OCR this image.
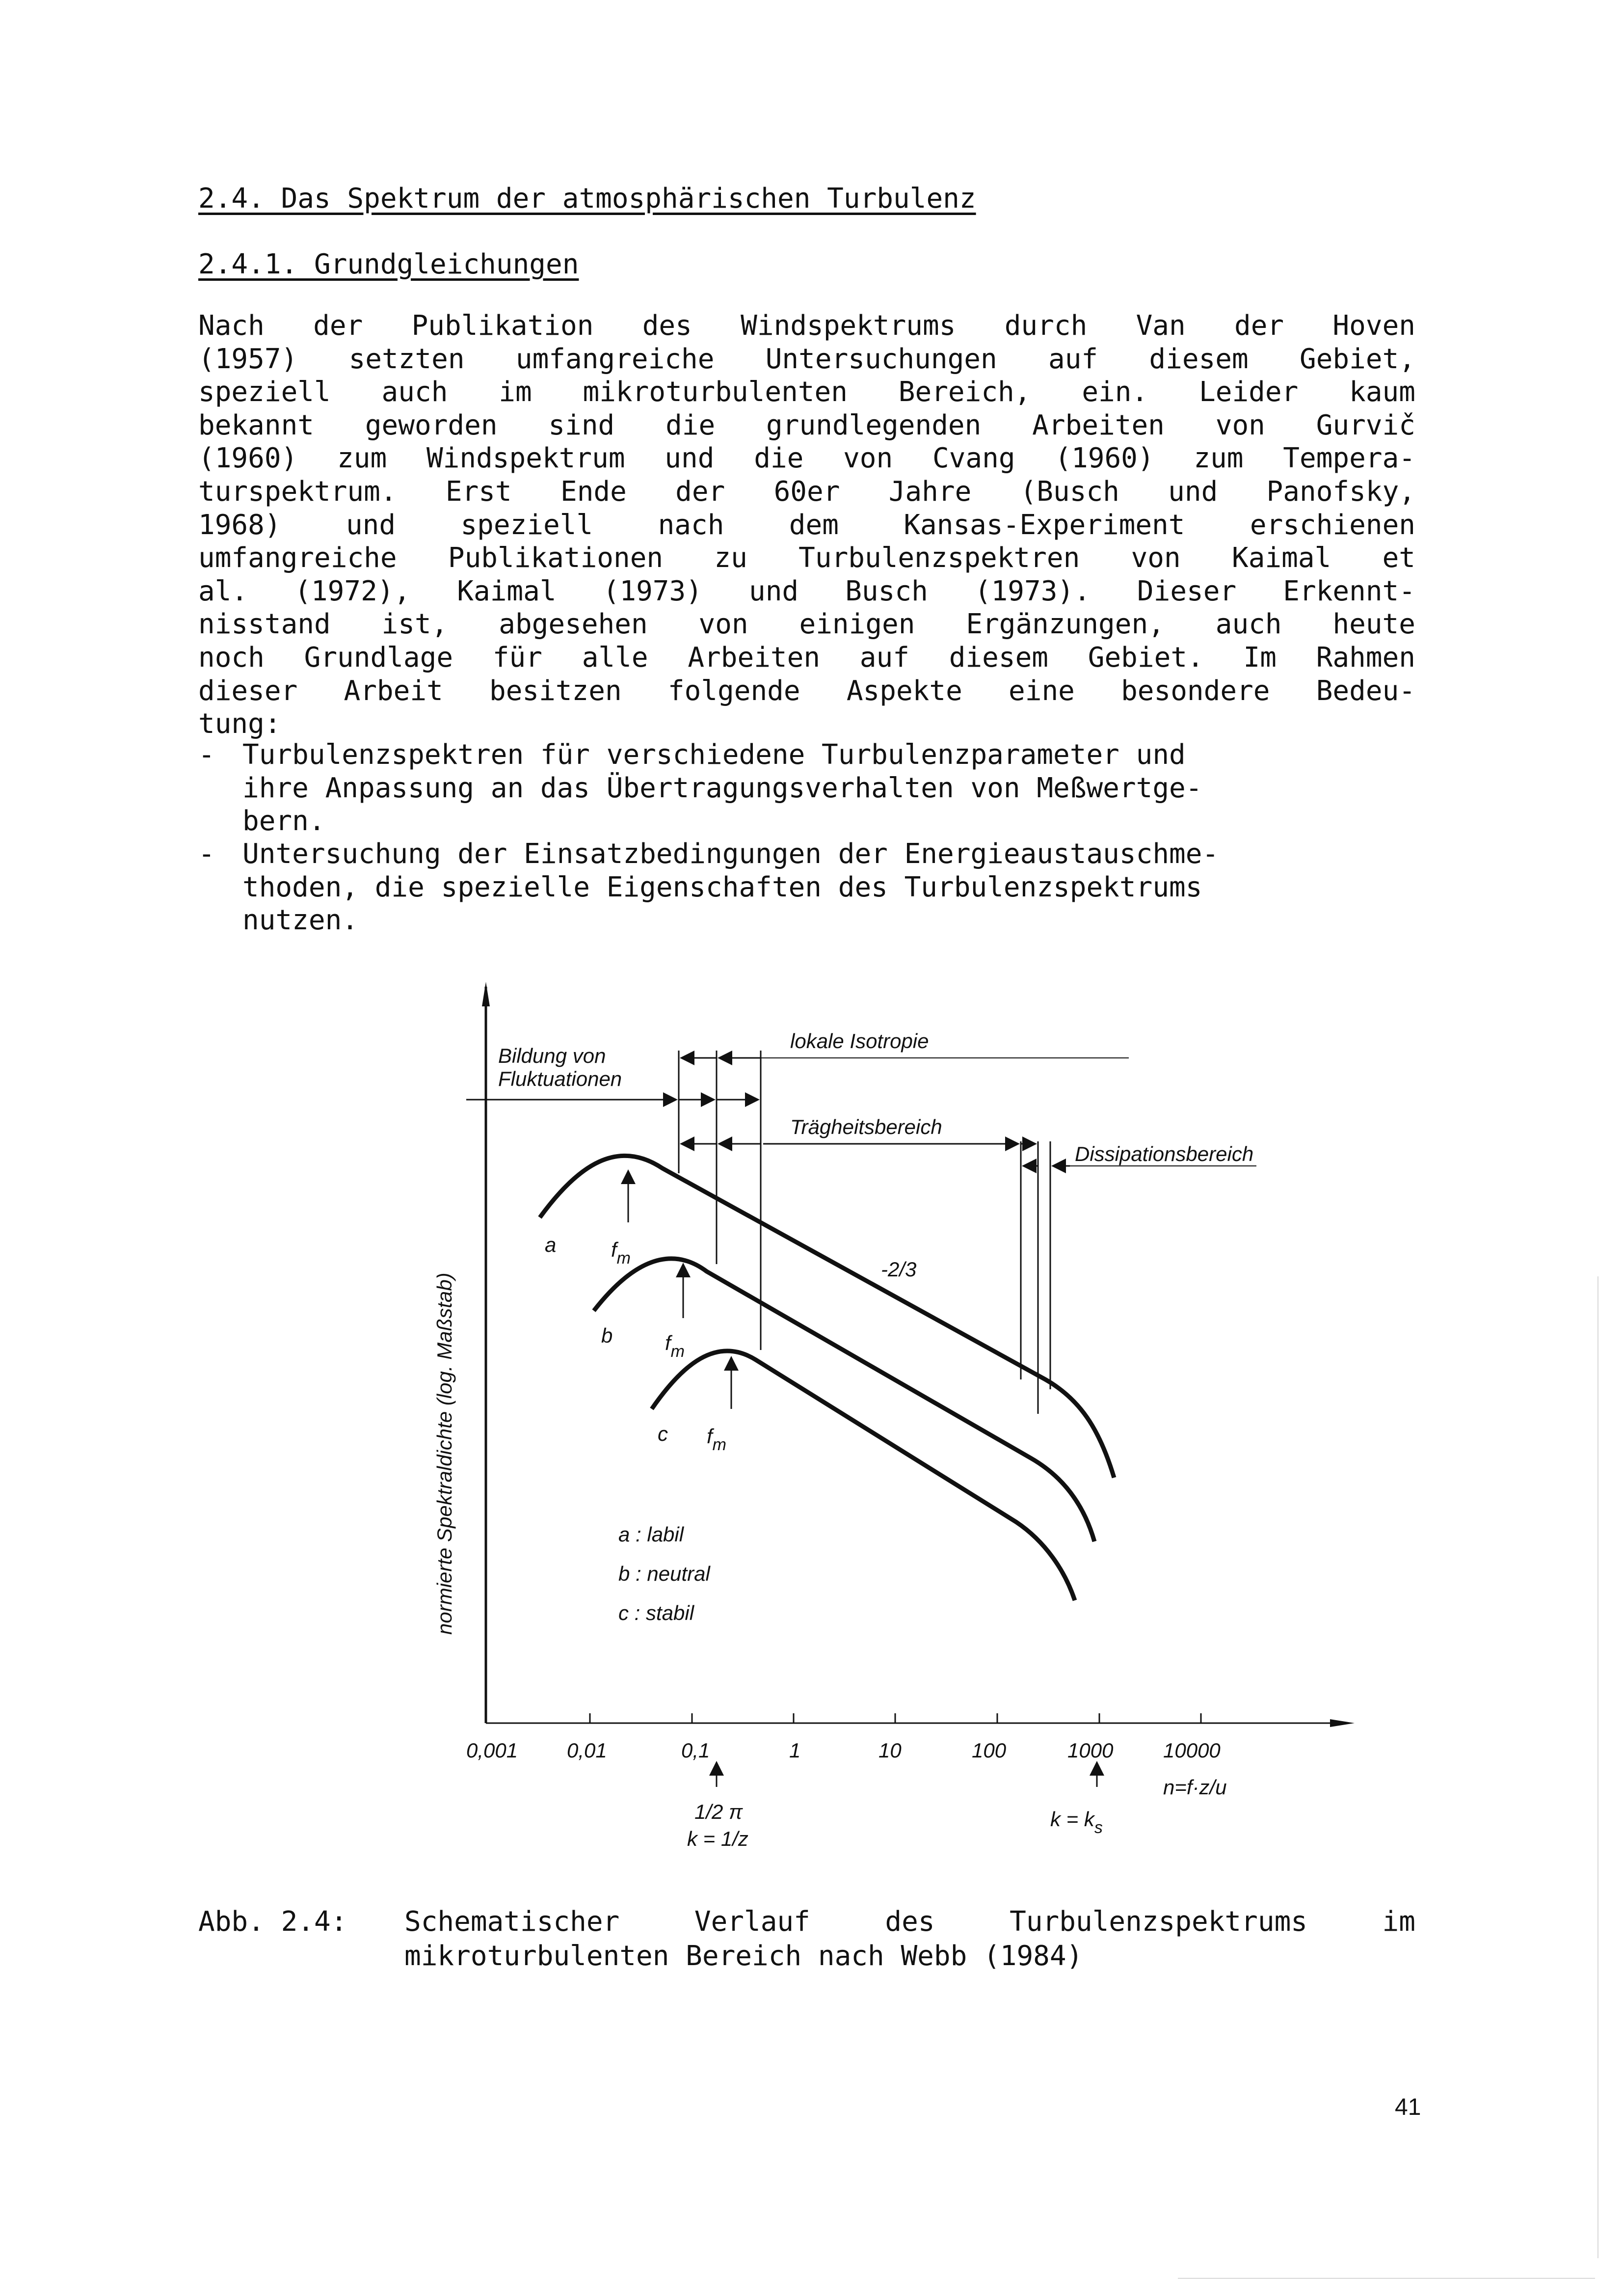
2.4. Das Spektrum der atmosphärischen Turbulenz
2.4.1. Grundgleichungen
Nach der Publikation des Windspektrums durch Van der Hoven
(1957) setzten umfangreiche Untersuchungen auf diesem Gebiet,
speziell auch im mikroturbulenten Bereich, ein. Leider kaum
bekannt geworden sind die grundlegenden Arbeiten von Gurvič
(1960) zum Windspektrum und die von Cvang (1960) zum Tempera-
turspektrum. Erst Ende der 60er Jahre (Busch und Panofsky,
1968) und speziell nach dem Kansas-Experiment erschienen
umfangreiche Publikationen zu Turbulenzspektren von Kaimal et
al. (1972), Kaimal (1973) und Busch (1973). Dieser Erkennt-
nisstand ist, abgesehen von einigen Ergänzungen, auch heute
noch Grundlage für alle Arbeiten auf diesem Gebiet. Im Rahmen
dieser Arbeit besitzen folgende Aspekte eine besondere Bedeu-
tung:
- Turbulenzspektren für verschiedene Turbulenzparameter und
ihre Anpassung an das Übertragungsverhalten von Meßwertge-
bern.
- Untersuchung der Einsatzbedingungen der Energieaustauschme-
thoden, die spezielle Eigenschaften des Turbulenzspektrums
nutzen.
Bildung von
Fluktuationen
lokale Isotropie
Trägheitsbereich
Dissipationsbereich
-2/3
a
b
c
$f_m$
$f_m$
$f_m$
a : labil
b : neutral
c : stabil
normierte Spektraldichte (log. Maßstab)
0,001 0,01	0,1	1	10	100	1000 10000
n=f·z/u
1/2 π
k = 1/z
$k = k_s$
Abb. 2.4: Schematischer Verlauf des Turbulenzspektrums im
mikroturbulenten Bereich nach Webb (1984)
41
